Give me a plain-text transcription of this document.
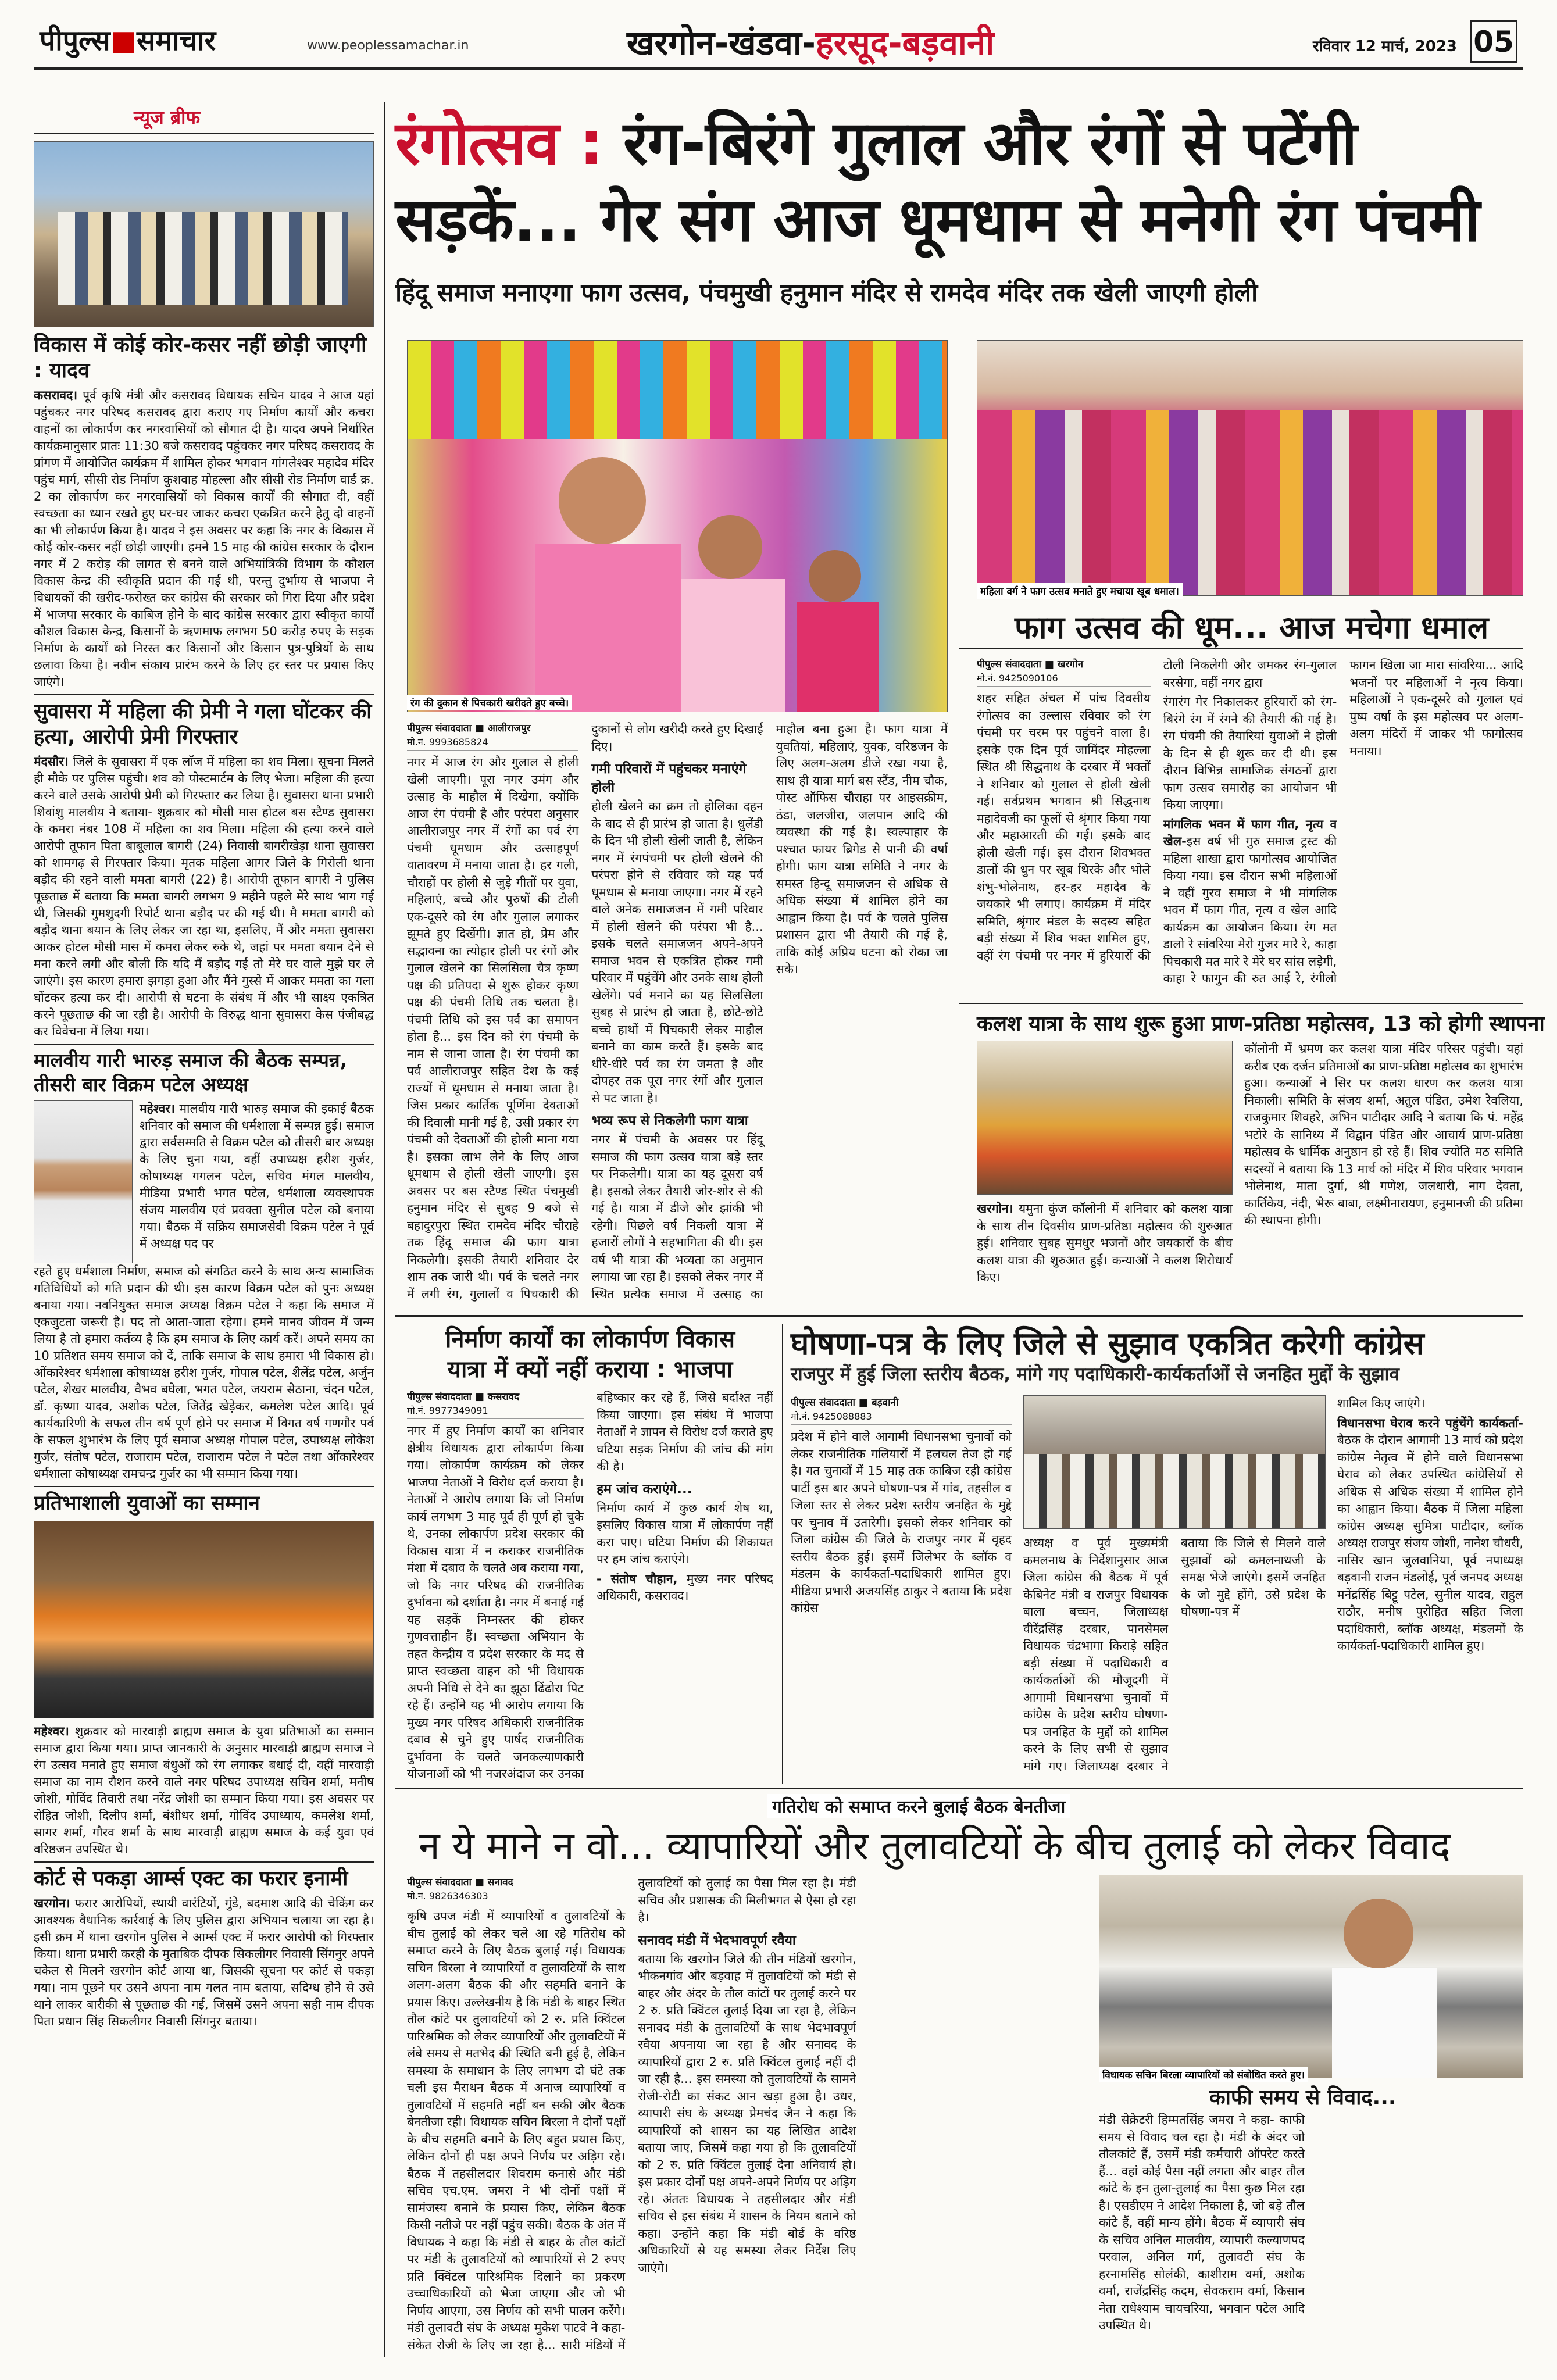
पीपुल्स■समाचार	www.peoplessamachar.in	खरगोन-खंडवा-हरसूद-बड़वानी	रविवार 12 मार्च, 2023 05
न्यूज ब्रीफ
विकास में कोई कोर-कसर नहीं छोड़ी जाएगी : यादव

कसरावद। पूर्व कृषि मंत्री और कसरावद विधायक सचिन यादव ने आज यहां पहुंचकर नगर परिषद कसरावद द्वारा कराए गए निर्माण कार्यों और कचरा वाहनों का लोकार्पण कर नगरवासियों को सौगात दी है। यादव अपने निर्धारित कार्यक्रमानुसार प्रातः 11:30 बजे कसरावद पहुंचकर नगर परिषद कसरावद के प्रांगण में आयोजित कार्यक्रम में शामिल होकर भगवान गांगलेश्वर महादेव मंदिर पहुंच मार्ग, सीसी रोड निर्माण कुशवाह मोहल्ला और सीसी रोड निर्माण वार्ड क्र. 2 का लोकार्पण कर नगरवासियों को विकास कार्यों की सौगात दी, वहीं स्वच्छता का ध्यान रखते हुए घर-घर जाकर कचरा एकत्रित करने हेतु दो वाहनों का भी लोकार्पण किया है। यादव ने इस अवसर पर कहा कि नगर के विकास में कोई कोर-कसर नहीं छोड़ी जाएगी। हमने 15 माह की कांग्रेस सरकार के दौरान नगर में 2 करोड़ की लागत से बनने वाले अभियांत्रिकी विभाग के कौशल विकास केन्द्र की स्वीकृति प्रदान की गई थी, परन्तु दुर्भाग्य से भाजपा ने विधायकों की खरीद-फरोख्त कर कांग्रेस की सरकार को गिरा दिया और प्रदेश में भाजपा सरकार के काबिज होने के बाद कांग्रेस सरकार द्वारा स्वीकृत कार्यों कौशल विकास केन्द्र, किसानों के ऋणमाफ लगभग 50 करोड़ रुपए के सड़क निर्माण के कार्यों को निरस्त कर किसानों और किसान पुत्र-पुत्रियों के साथ छलावा किया है। नवीन संकाय प्रारंभ करने के लिए हर स्तर पर प्रयास किए जाएंगे।

सुवासरा में महिला की प्रेमी ने गला घोंटकर की हत्या, आरोपी प्रेमी गिरफ्तार

मंदसौर। जिले के सुवासरा में एक लॉज में महिला का शव मिला। सूचना मिलते ही मौके पर पुलिस पहुंची। शव को पोस्टमार्टम के लिए भेजा। महिला की हत्या करने वाले उसके आरोपी प्रेमी को गिरफ्तार कर लिया है। सुवासरा थाना प्रभारी शिवांशु मालवीय ने बताया- शुक्रवार को मौसी मास होटल बस स्टैण्ड सुवासरा के कमरा नंबर 108 में महिला का शव मिला। महिला की हत्या करने वाले आरोपी तूफान पिता बाबूलाल बागरी (24) निवासी बागरीखेड़ा थाना सुवासरा को शामगढ़ से गिरफ्तार किया। मृतक महिला आगर जिले के गिरोली थाना बड़ौद की रहने वाली ममता बागरी (22) है। आरोपी तूफान बागरी ने पुलिस पूछताछ में बताया कि ममता बागरी लगभग 9 महीने पहले मेरे साथ भाग गई थी, जिसकी गुमशुदगी रिपोर्ट थाना बड़ौद पर की गई थी। मै ममता बागरी को बड़ौद थाना बयान के लिए लेकर जा रहा था, इसलिए, मैं और ममता सुवासरा आकर होटल मौसी मास में कमरा लेकर रुके थे, जहां पर ममता बयान देने से मना करने लगी और बोली कि यदि मैं बड़ौद गई तो मेरे घर वाले मुझे घर ले जाएंगे। इस कारण हमारा झगड़ा हुआ और मैंने गुस्से में आकर ममता का गला घोंटकर हत्या कर दी। आरोपी से घटना के संबंध में और भी साक्ष्य एकत्रित करने पूछताछ की जा रही है। आरोपी के विरुद्ध थाना सुवासरा केस पंजीबद्ध कर विवेचना में लिया गया।

मालवीय गारी भारुड़ समाज की बैठक सम्पन्न, तीसरी बार विक्रम पटेल अध्यक्ष

महेश्वर। मालवीय गारी भारुड़ समाज की इकाई बैठक शनिवार को समाज की धर्मशाला में सम्पन्न हुई। समाज द्वारा सर्वसम्मति से विक्रम पटेल को तीसरी बार अध्यक्ष के लिए चुना गया, वहीं उपाध्यक्ष हरीश गुर्जर, कोषाध्यक्ष गगलन पटेल, सचिव मंगल मालवीय, मीडिया प्रभारी भगत पटेल, धर्मशाला व्यवस्थापक संजय मालवीय एवं प्रवक्ता सुनील पटेल को बनाया गया। बैठक में सक्रिय समाजसेवी विक्रम पटेल ने पूर्व में अध्यक्ष पद पर

रहते हुए धर्मशाला निर्माण, समाज को संगठित करने के साथ अन्य सामाजिक गतिविधियों को गति प्रदान की थी। इस कारण विक्रम पटेल को पुनः अध्यक्ष बनाया गया। नवनियुक्त समाज अध्यक्ष विक्रम पटेल ने कहा कि समाज में एकजुटता जरूरी है। पद तो आता-जाता रहेगा। हमने मानव जीवन में जन्म लिया है तो हमारा कर्तव्य है कि हम समाज के लिए कार्य करें। अपने समय का 10 प्रतिशत समय समाज को दें, ताकि समाज के साथ हमारा भी विकास हो। ओंकारेश्वर धर्मशाला कोषाध्यक्ष हरीश गुर्जर, गोपाल पटेल, शैलेंद्र पटेल, अर्जुन पटेल, शेखर मालवीय, वैभव बघेला, भगत पटेल, जयराम सेठाना, चंदन पटेल, डॉ. कृष्णा यादव, अशोक पटेल, जितेंद्र खेड़ेकर, कमलेश पटेल आदि। पूर्व कार्यकारिणी के सफल तीन वर्ष पूर्ण होने पर समाज में विगत वर्ष गणगौर पर्व के सफल शुभारंभ के लिए पूर्व समाज अध्यक्ष गोपाल पटेल, उपाध्यक्ष लोकेश गुर्जर, संतोष पटेल, राजाराम पटेल, राजाराम पटेल ने पटेल तथा ओंकारेश्वर धर्मशाला कोषाध्यक्ष रामचन्द्र गुर्जर का भी सम्मान किया गया।

प्रतिभाशाली युवाओं का सम्मान

महेश्वर। शुक्रवार को मारवाड़ी ब्राह्मण समाज के युवा प्रतिभाओं का सम्मान समाज द्वारा किया गया। प्राप्त जानकारी के अनुसार मारवाड़ी ब्राह्मण समाज ने रंग उत्सव मनाते हुए समाज बंधुओं को रंग लगाकर बधाई दी, वहीं मारवाड़ी समाज का नाम रौशन करने वाले नगर परिषद उपाध्यक्ष सचिन शर्मा, मनीष जोशी, गोविंद तिवारी तथा नरेंद्र जोशी का सम्मान किया गया। इस अवसर पर रोहित जोशी, दिलीप शर्मा, बंशीधर शर्मा, गोविंद उपाध्याय, कमलेश शर्मा, सागर शर्मा, गौरव शर्मा के साथ मारवाड़ी ब्राह्मण समाज के कई युवा एवं वरिष्ठजन उपस्थित थे।

कोर्ट से पकड़ा आर्म्स एक्ट का फरार इनामी

खरगोन। फरार आरोपियों, स्थायी वारंटियों, गुंडे, बदमाश आदि की चेकिंग कर आवश्यक वैधानिक कार्रवाई के लिए पुलिस द्वारा अभियान चलाया जा रहा है। इसी क्रम में थाना खरगोन पुलिस ने आर्म्स एक्ट में फरार आरोपी को गिरफ्तार किया। थाना प्रभारी करही के मुताबिक दीपक सिकलीगर निवासी सिंगनुर अपने चकेल से मिलने खरगोन कोर्ट आया था, जिसकी सूचना पर कोर्ट से पकड़ा गया। नाम पूछने पर उसने अपना नाम गलत नाम बताया, सदिग्ध होने से उसे थाने लाकर बारीकी से पूछताछ की गई, जिसमें उसने अपना सही नाम दीपक पिता प्रधान सिंह सिकलीगर निवासी सिंगनुर बताया।

रंगोत्सव : रंग-बिरंगे गुलाल और रंगों से पटेंगी
सड़कें... गेर संग आज धूमधाम से मनेगी रंग पंचमी
हिंदू समाज मनाएगा फाग उत्सव, पंचमुखी हनुमान मंदिर से रामदेव मंदिर तक खेली जाएगी होली
रंग की दुकान से पिचकारी खरीदते हुए बच्चे।
महिला वर्ग ने फाग उत्सव मनाते हुए मचाया खूब धमाल।
फाग उत्सव की धूम... आज मचेगा धमाल
पीपुल्स संवाददाता ■ आलीराजपुर
मो.नं. 9993685824

नगर में आज रंग और गुलाल से होली खेली जाएगी। पूरा नगर उमंग और उत्साह के माहौल में दिखेगा, क्योंकि आज रंग पंचमी है और परंपरा अनुसार आलीराजपुर नगर में रंगों का पर्व रंग पंचमी धूमधाम और उत्साहपूर्ण वातावरण में मनाया जाता है। हर गली, चौराहों पर होली से जुड़े गीतों पर युवा, महिलाएं, बच्चे और पुरुषों की टोली एक-दूसरे को रंग और गुलाल लगाकर झूमते हुए दिखेंगी। ज्ञात हो, प्रेम और सद्भावना का त्योहार होली पर रंगों और गुलाल खेलने का सिलसिला चैत्र कृष्ण पक्ष की प्रतिपदा से शुरू होकर कृष्ण पक्ष की पंचमी तिथि तक चलता है। पंचमी तिथि को इस पर्व का समापन होता है... इस दिन को रंग पंचमी के नाम से जाना जाता है। रंग पंचमी का पर्व आलीराजपुर सहित देश के कई राज्यों में धूमधाम से मनाया जाता है। जिस प्रकार कार्तिक पूर्णिमा देवताओं की दिवाली मानी गई है, उसी प्रकार रंग पंचमी को देवताओं की होली माना गया है। इसका लाभ लेने के लिए आज धूमधाम से होली खेली जाएगी। इस अवसर पर बस स्टैण्ड स्थित पंचमुखी हनुमान मंदिर से सुबह 9 बजे से बहादुरपुरा स्थित रामदेव मंदिर चौराहे तक हिंदू समाज की फाग यात्रा निकलेगी। इसकी तैयारी शनिवार देर शाम तक जारी थी। पर्व के चलते नगर में लगी रंग, गुलालों व पिचकारी की दुकानों से लोग खरीदी करते हुए दिखाई दिए।

गमी परिवारों में पहुंचकर मनाएंगे होली

होली खेलने का क्रम तो होलिका दहन के बाद से ही प्रारंभ हो जाता है। धुलेंडी के दिन भी होली खेली जाती है, लेकिन नगर में रंगपंचमी पर होली खेलने की परंपरा होने से रविवार को यह पर्व धूमधाम से मनाया जाएगा। नगर में रहने वाले अनेक समाजजन में गमी परिवार में होली खेलने की परंपरा भी है... इसके चलते समाजजन अपने-अपने समाज भवन से एकत्रित होकर गमी परिवार में पहुंचेंगे और उनके साथ होली खेलेंगे। पर्व मनाने का यह सिलसिला सुबह से प्रारंभ हो जाता है, छोटे-छोटे बच्चे हाथों में पिचकारी लेकर माहौल बनाने का काम करते हैं। इसके बाद धीरे-धीरे पर्व का रंग जमता है और दोपहर तक पूरा नगर रंगों और गुलाल से पट जाता है।

भव्य रूप से निकलेगी फाग यात्रा

नगर में पंचमी के अवसर पर हिंदू समाज की फाग उत्सव यात्रा बड़े स्तर पर निकलेगी। यात्रा का यह दूसरा वर्ष है। इसको लेकर तैयारी जोर-शोर से की गई है। यात्रा में डीजे और झांकी भी रहेगी। पिछले वर्ष निकली यात्रा में हजारों लोगों ने सहभागिता की थी। इस वर्ष भी यात्रा की भव्यता का अनुमान लगाया जा रहा है। इसको लेकर नगर में स्थित प्रत्येक समाज में उत्साह का माहौल बना हुआ है। फाग यात्रा में युवतियां, महिलाएं, युवक, वरिष्ठजन के लिए अलग-अलग डीजे रखा गया है, साथ ही यात्रा मार्ग बस स्टैंड, नीम चौक, पोस्ट ऑफिस चौराहा पर आइसक्रीम, ठंडा, जलजीरा, जलपान आदि की व्यवस्था की गई है। स्वल्पाहार के पश्चात फायर ब्रिगेड से पानी की वर्षा होगी। फाग यात्रा समिति ने नगर के समस्त हिन्दू समाजजन से अधिक से अधिक संख्या में शामिल होने का आह्वान किया है। पर्व के चलते पुलिस प्रशासन द्वारा भी तैयारी की गई है, ताकि कोई अप्रिय घटना को रोका जा सके।

पीपुल्स संवाददाता ■ खरगोन
मो.नं. 9425090106

शहर सहित अंचल में पांच दिवसीय रंगोत्सव का उल्लास रविवार को रंग पंचमी पर चरम पर पहुंचने वाला है। इसके एक दिन पूर्व जामिंदर मोहल्ला स्थित श्री सिद्धनाथ के दरबार में भक्तों ने शनिवार को गुलाल से होली खेली गई। सर्वप्रथम भगवान श्री सिद्धनाथ महादेवजी का फूलों से श्रृंगार किया गया और महाआरती की गई। इसके बाद होली खेली गई। इस दौरान शिवभक्त डालों की धुन पर खूब थिरके और भोले शंभु-भोलेनाथ, हर-हर महादेव के जयकारे भी लगाए। कार्यक्रम में मंदिर समिति, श्रृंगार मंडल के सदस्य सहित बड़ी संख्या में शिव भक्त शामिल हुए, वहीं रंग पंचमी पर नगर में हुरियारों की टोली निकलेगी और जमकर रंग-गुलाल बरसेगा, वहीं नगर द्वारा

रंगारंग गेर निकालकर हुरियारों को रंग-बिरंगे रंग में रंगने की तैयारी की गई है। रंग पंचमी की तैयारियां युवाओं ने होली के दिन से ही शुरू कर दी थी। इस दौरान विभिन्न सामाजिक संगठनों द्वारा फाग उत्सव समारोह का आयोजन भी किया जाएगा।

मांगलिक भवन में फाग गीत, नृत्य व खेल-इस वर्ष भी गुरु समाज ट्रस्ट की महिला शाखा द्वारा फागोत्सव आयोजित किया गया। इस दौरान सभी महिलाओं ने वहीं गुरव समाज ने भी मांगलिक भवन में फाग गीत, नृत्य व खेल आदि कार्यक्रम का आयोजन किया। रंग मत डालो रे सांवरिया मेरो गुजर मारे रे, काहा पिचकारी मत मारे रे मेरे घर सांस लड़ेगी, काहा रे फागुन की रुत आई रे, रंगीलो फागन खिला जा मारा सांवरिया... आदि भजनों पर महिलाओं ने नृत्य किया। महिलाओं ने एक-दूसरे को गुलाल एवं पुष्प वर्षा के इस महोत्सव पर अलग-अलग मंदिरों में जाकर भी फागोत्सव मनाया।

कलश यात्रा के साथ शुरू हुआ प्राण-प्रतिष्ठा महोत्सव, 13 को होगी स्थापना

खरगोन। यमुना कुंज कॉलोनी में शनिवार को कलश यात्रा के साथ तीन दिवसीय प्राण-प्रतिष्ठा महोत्सव की शुरुआत हुई। शनिवार सुबह सुमधुर भजनों और जयकारों के बीच कलश यात्रा की शुरुआत हुई। कन्याओं ने कलश शिरोधार्य किए।

कॉलोनी में भ्रमण कर कलश यात्रा मंदिर परिसर पहुंची। यहां करीब एक दर्जन प्रतिमाओं का प्राण-प्रतिष्ठा महोत्सव का शुभारंभ हुआ। कन्याओं ने सिर पर कलश धारण कर कलश यात्रा निकाली। समिति के संजय शर्मा, अतुल पंडित, उमेश रेवलिया, राजकुमार शिवहरे, अभिन पाटीदार आदि ने बताया कि पं. महेंद्र भटोरे के सानिध्य में विद्वान पंडित और आचार्य प्राण-प्रतिष्ठा महोत्सव के धार्मिक अनुष्ठान हो रहे हैं। शिव ज्योति मठ समिति सदस्यों ने बताया कि 13 मार्च को मंदिर में शिव परिवार भगवान भोलेनाथ, माता दुर्गा, श्री गणेश, जलधारी, नाग देवता, कार्तिकेय, नंदी, भेरू बाबा, लक्ष्मीनारायण, हनुमानजी की प्रतिमा की स्थापना होगी।

निर्माण कार्यों का लोकार्पण विकास
यात्रा में क्यों नहीं कराया : भाजपा
पीपुल्स संवाददाता ■ कसरावद
मो.नं. 9977349091

नगर में हुए निर्माण कार्यों का शनिवार क्षेत्रीय विधायक द्वारा लोकार्पण किया गया। लोकार्पण कार्यक्रम को लेकर भाजपा नेताओं ने विरोध दर्ज कराया है। नेताओं ने आरोप लगाया कि जो निर्माण कार्य लगभग 3 माह पूर्व ही पूर्ण हो चुके थे, उनका लोकार्पण प्रदेश सरकार की विकास यात्रा में न कराकर राजनीतिक मंशा में दबाव के चलते अब कराया गया, जो कि नगर परिषद की राजनीतिक दुर्भावना को दर्शाता है। नगर में बनाई गई यह सड़कें निम्नस्तर की होकर गुणवत्ताहीन हैं। स्वच्छता अभियान के तहत केन्द्रीय व प्रदेश सरकार के मद से प्राप्त स्वच्छता वाहन को भी विधायक अपनी निधि से देने का झूठा ढिंढोरा पिट रहे हैं। उन्होंने यह भी आरोप लगाया कि मुख्य नगर परिषद अधिकारी राजनीतिक दबाव से चुने हुए पार्षद राजनीतिक दुर्भावना के चलते जनकल्याणकारी योजनाओं को भी नजरअंदाज कर उनका बहिष्कार कर रहे हैं, जिसे बर्दाश्त नहीं किया जाएगा। इस संबंध में भाजपा नेताओं ने ज्ञापन से विरोध दर्ज कराते हुए घटिया सड़क निर्माण की जांच की मांग की है।

हम जांच कराएंगे...

निर्माण कार्य में कुछ कार्य शेष था, इसलिए विकास यात्रा में लोकार्पण नहीं करा पाए। घटिया निर्माण की शिकायत पर हम जांच कराएंगे।

- संतोष चौहान, मुख्य नगर परिषद अधिकारी, कसरावद।

घोषणा-पत्र के लिए जिले से सुझाव एकत्रित करेगी कांग्रेस
राजपुर में हुई जिला स्तरीय बैठक, मांगे गए पदाधिकारी-कार्यकर्ताओं से जनहित मुद्दों के सुझाव
पीपुल्स संवाददाता ■ बड़वानी
मो.नं. 9425088883

प्रदेश में होने वाले आगामी विधानसभा चुनावों को लेकर राजनीतिक गलियारों में हलचल तेज हो गई है। गत चुनावों में 15 माह तक काबिज रही कांग्रेस पार्टी इस बार अपने घोषणा-पत्र में गांव, तहसील व जिला स्तर से लेकर प्रदेश स्तरीय जनहित के मुद्दे पर चुनाव में उतारेगी। इसको लेकर शनिवार को जिला कांग्रेस की जिले के राजपुर नगर में वृहद स्तरीय बैठक हुई। इसमें जिलेभर के ब्लॉक व मंडलम के कार्यकर्ता-पदाधिकारी शामिल हुए। मीडिया प्रभारी अजयसिंह ठाकुर ने बताया कि प्रदेश कांग्रेस

अध्यक्ष व पूर्व मुख्यमंत्री कमलनाथ के निर्देशानुसार आज जिला कांग्रेस की बैठक में पूर्व केबिनेट मंत्री व राजपुर विधायक बाला बच्चन, जिलाध्यक्ष वीरेंद्रसिंह दरबार, पानसेमल विधायक चंद्रभागा किराड़े सहित बड़ी संख्या में पदाधिकारी व कार्यकर्ताओं की मौजूदगी में आगामी विधानसभा चुनावों में कांग्रेस के प्रदेश स्तरीय घोषणा-पत्र जनहित के मुद्दों को शामिल करने के लिए सभी से सुझाव मांगे गए। जिलाध्यक्ष दरबार ने बताया कि जिले से मिलने वाले सुझावों को कमलनाथजी के समक्ष भेजे जाएंगे। इसमें जनहित के जो मुद्दे होंगे, उसे प्रदेश के घोषणा-पत्र में

शामिल किए जाएंगे।

विधानसभा घेराव करने पहुंचेंगे कार्यकर्ता- बैठक के दौरान आगामी 13 मार्च को प्रदेश कांग्रेस नेतृत्व में होने वाले विधानसभा घेराव को लेकर उपस्थित कांग्रेसियों से अधिक से अधिक संख्या में शामिल होने का आह्वान किया। बैठक में जिला महिला कांग्रेस अध्यक्ष सुमित्रा पाटीदार, ब्लॉक अध्यक्ष राजपुर संजय जोशी, नानेश चौधरी, नासिर खान जुलवानिया, पूर्व नपाध्यक्ष बड़वानी राजन मंडलोई, पूर्व जनपद अध्यक्ष मनेंद्रसिंह बिट्टू पटेल, सुनील यादव, राहुल राठौर, मनीष पुरोहित सहित जिला पदाधिकारी, ब्लॉक अध्यक्ष, मंडलमों के कार्यकर्ता-पदाधिकारी शामिल हुए।

गतिरोध को समाप्त करने बुलाई बैठक बेनतीजा
न ये माने न वो... व्यापारियों और तुलावटियों के बीच तुलाई को लेकर विवाद
पीपुल्स संवाददाता ■ सनावद
मो.नं. 9826346303

कृषि उपज मंडी में व्यापारियों व तुलावटियों के बीच तुलाई को लेकर चले आ रहे गतिरोध को समाप्त करने के लिए बैठक बुलाई गई। विधायक सचिन बिरला ने व्यापारियों व तुलावटियों के साथ अलग-अलग बैठक की और सहमति बनाने के प्रयास किए। उल्लेखनीय है कि मंडी के बाहर स्थित तौल कांटे पर तुलावटियों को 2 रु. प्रति क्विंटल पारिश्रमिक को लेकर व्यापारियों और तुलावटियों में लंबे समय से मतभेद की स्थिति बनी हुई है, लेकिन समस्या के समाधान के लिए लगभग दो घंटे तक चली इस मैराथन बैठक में अनाज व्यापारियों व तुलावटियों में सहमति नहीं बन सकी और बैठक बेनतीजा रही। विधायक सचिन बिरला ने दोनों पक्षों के बीच सहमति बनाने के लिए बहुत प्रयास किए, लेकिन दोनों ही पक्ष अपने निर्णय पर अड़िग रहे। बैठक में तहसीलदार शिवराम कनासे और मंडी सचिव एच.एम. जमरा ने भी दोनों पक्षों में सामंजस्य बनाने के प्रयास किए, लेकिन बैठक किसी नतीजे पर नहीं पहुंच सकी। बैठक के अंत में विधायक ने कहा कि मंडी से बाहर के तौल कांटों पर मंडी के तुलावटियों को व्यापारियों से 2 रुपए प्रति क्विंटल पारिश्रमिक दिलाने का प्रकरण उच्चाधिकारियों को भेजा जाएगा और जो भी निर्णय आएगा, उस निर्णय को सभी पालन करेंगे। मंडी तुलावटी संघ के अध्यक्ष मुकेश पाटवे ने कहा- संकेत रोजी के लिए जा रहा है... सारी मंडियों में तुलावटियों को तुलाई का पैसा मिल रहा है। मंडी सचिव और प्रशासक की मिलीभगत से ऐसा हो रहा है।

सनावद मंडी में भेदभावपूर्ण रवैया

बताया कि खरगोन जिले की तीन मंडियों खरगोन, भीकनगांव और बड़वाह में तुलावटियों को मंडी से बाहर और अंदर के तौल कांटों पर तुलाई करने पर 2 रु. प्रति क्विंटल तुलाई दिया जा रहा है, लेकिन सनावद मंडी के तुलावटियों के साथ भेदभावपूर्ण रवैया अपनाया जा रहा है और सनावद के व्यापारियों द्वारा 2 रु. प्रति क्विंटल तुलाई नहीं दी जा रही है... इस समस्या को तुलावटियों के सामने रोजी-रोटी का संकट आन खड़ा हुआ है। उधर, व्यापारी संघ के अध्यक्ष प्रेमचंद जैन ने कहा कि व्यापारियों को शासन का यह लिखित आदेश बताया जाए, जिसमें कहा गया हो कि तुलावटियों को 2 रु. प्रति क्विंटल तुलाई देना अनिवार्य हो। इस प्रकार दोनों पक्ष अपने-अपने निर्णय पर अड़िग रहे। अंततः विधायक ने तहसीलदार और मंडी सचिव से इस संबंध में शासन के नियम बताने को कहा। उन्होंने कहा कि मंडी बोर्ड के वरिष्ठ अधिकारियों से यह समस्या लेकर निर्देश लिए जाएंगे।

विधायक सचिन बिरला व्यापारियों को संबोधित करते हुए।
काफी समय से विवाद...

मंडी सेक्रेटरी हिम्मतसिंह जमरा ने कहा- काफी समय से विवाद चल रहा है। मंडी के अंदर जो तौलकांटे हैं, उसमें मंडी कर्मचारी ऑपरेट करते हैं... वहां कोई पैसा नहीं लगता और बाहर तौल कांटे के इन तुला-तुलाई का पैसा कुछ मिल रहा है। एसडीएम ने आदेश निकाला है, जो बड़े तौल कांटे हैं, वहीं मान्य होंगे। बैठक में व्यापारी संघ के सचिव अनिल मालवीय, व्यापारी कल्याणपद परवाल, अनिल गर्ग, तुलावटी संघ के हरनामसिंह सोलंकी, काशीराम वर्मा, अशोक वर्मा, राजेंद्रसिंह कदम, सेवकराम वर्मा, किसान नेता राधेश्याम चायचरिया, भगवान पटेल आदि उपस्थित थे।
